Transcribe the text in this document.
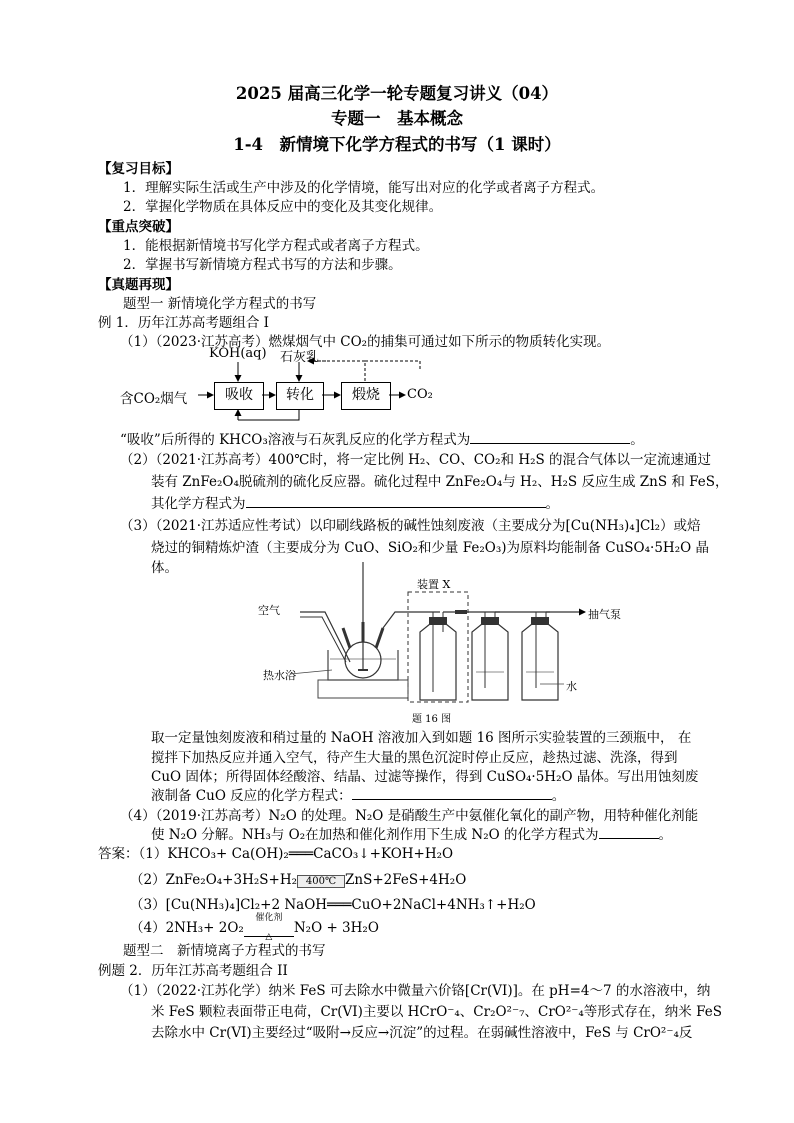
2025 届高三化学一轮专题复习讲义（04）
专题一　基本概念
1-4　新情境下化学方程式的书写（1 课时）
【复习目标】
1．理解实际生活或生产中涉及的化学情境，能写出对应的化学或者离子方程式。
2．掌握化学物质在具体反应中的变化及其变化规律。
【重点突破】
1．能根据新情境书写化学方程式或者离子方程式。
2．掌握书写新情境方程式书写的方法和步骤。
【真题再现】
题型一 新情境化学方程式的书写
例 1．历年江苏高考题组合 I
（1）（2023·江苏高考）燃煤烟气中 CO₂的捕集可通过如下所示的物质转化实现。
KOH(aq) 石灰乳
含CO₂烟气	吸收	转化	煅烧	CO₂
“吸收”后所得的 KHCO₃溶液与石灰乳反应的化学方程式为	。
（2）（2021·江苏高考）400℃时，将一定比例 H₂、CO、CO₂和 H₂S 的混合气体以一定流速通过
装有 ZnFe₂O₄脱硫剂的硫化反应器。硫化过程中 ZnFe₂O₄与 H₂、H₂S 反应生成 ZnS 和 FeS，
其化学方程式为	。
（3）（2021·江苏适应性考试）以印刷线路板的碱性蚀刻废液（主要成分为[Cu(NH₃)₄]Cl₂）或焙
烧过的铜精炼炉渣（主要成分为 CuO、SiO₂和少量 Fe₂O₃)为原料均能制备 CuSO₄·5H₂O 晶
体。
装置 X
空气	抽气泵
热水浴
水
题 16 图
取一定量蚀刻废液和稍过量的 NaOH 溶液加入到如题 16 图所示实验装置的三颈瓶中， 在
搅拌下加热反应并通入空气，待产生大量的黑色沉淀时停止反应，趁热过滤、洗涤，得到
CuO 固体；所得固体经酸溶、结晶、过滤等操作，得到 CuSO₄·5H₂O 晶体。写出用蚀刻废
液制备 CuO 反应的化学方程式：	。
（4）（2019·江苏高考）N₂O 的处理。N₂O 是硝酸生产中氨催化氧化的副产物，用特种催化剂能
使 N₂O 分解。NH₃与 O₂在加热和催化剂作用下生成 N₂O 的化学方程式为	。
答案：（1）KHCO₃+ Ca(OH)₂═══CaCO₃↓+KOH+H₂O
（2）ZnFe₂O₄+3H₂S+H₂ 400℃ ZnS+2FeS+4H₂O
（3）[Cu(NH₃)₄]Cl₂+2 NaOH═══CuO+2NaCl+4NH₃↑+H₂O
（4）2NH₃+ 2O₂
催化剂

△
N₂O + 3H₂O
题型二　新情境离子方程式的书写
例题 2．历年江苏高考题组合 II
（1）（2022·江苏化学）纳米 FeS 可去除水中微量六价铬[Cr(VI)]。在 pH=4～7 的水溶液中，纳
米 FeS 颗粒表面带正电荷，Cr(VI)主要以 HCrO⁻₄、Cr₂O²⁻₇、CrO²⁻₄等形式存在，纳米 FeS
去除水中 Cr(VI)主要经过“吸附→反应→沉淀”的过程。在弱碱性溶液中，FeS 与 CrO²⁻₄反
